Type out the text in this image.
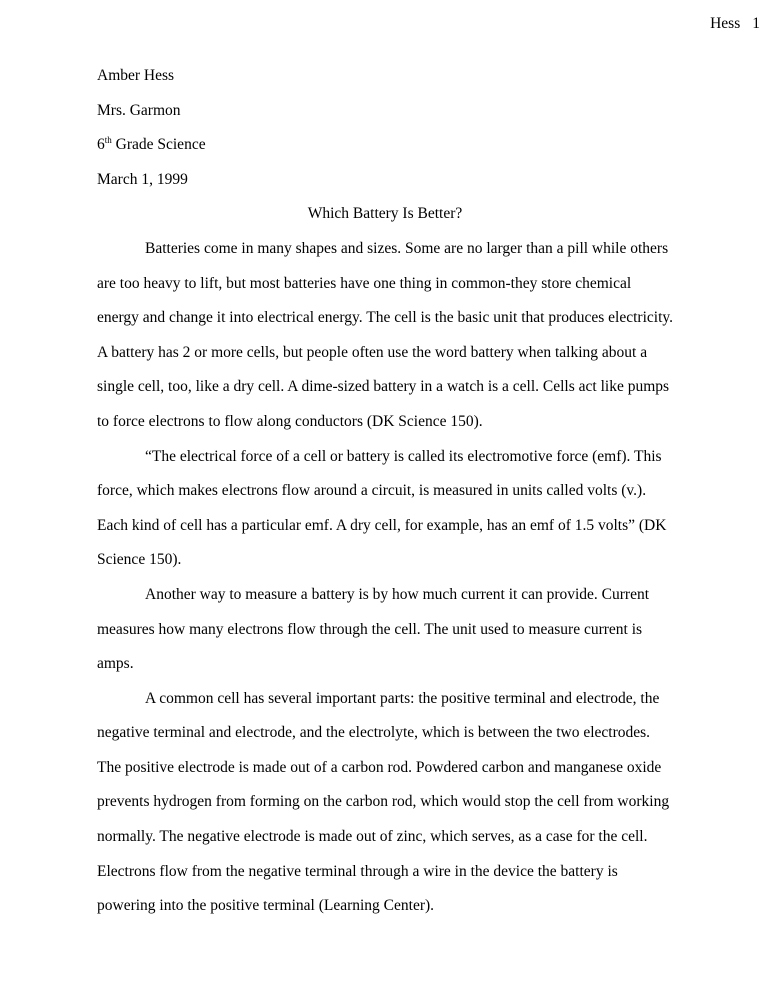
Hess 1
Amber Hess
Mrs. Garmon
6th Grade Science
March 1, 1999
Which Battery Is Better?

Batteries come in many shapes and sizes. Some are no larger than a pill while others are too heavy to lift, but most batteries have one thing in common-they store chemical energy and change it into electrical energy. The cell is the basic unit that produces electricity. A battery has 2 or more cells, but people often use the word battery when talking about a single cell, too, like a dry cell. A dime-sized battery in a watch is a cell. Cells act like pumps to force electrons to flow along conductors (DK Science 150).

“The electrical force of a cell or battery is called its electromotive force (emf). This force, which makes electrons flow around a circuit, is measured in units called volts (v.). Each kind of cell has a particular emf. A dry cell, for example, has an emf of 1.5 volts” (DK Science 150).

Another way to measure a battery is by how much current it can provide. Current measures how many electrons flow through the cell. The unit used to measure current is amps.

A common cell has several important parts: the positive terminal and electrode, the negative terminal and electrode, and the electrolyte, which is between the two electrodes. The positive electrode is made out of a carbon rod. Powdered carbon and manganese oxide prevents hydrogen from forming on the carbon rod, which would stop the cell from working normally. The negative electrode is made out of zinc, which serves, as a case for the cell. Electrons flow from the negative terminal through a wire in the device the battery is powering into the positive terminal (Learning Center).
